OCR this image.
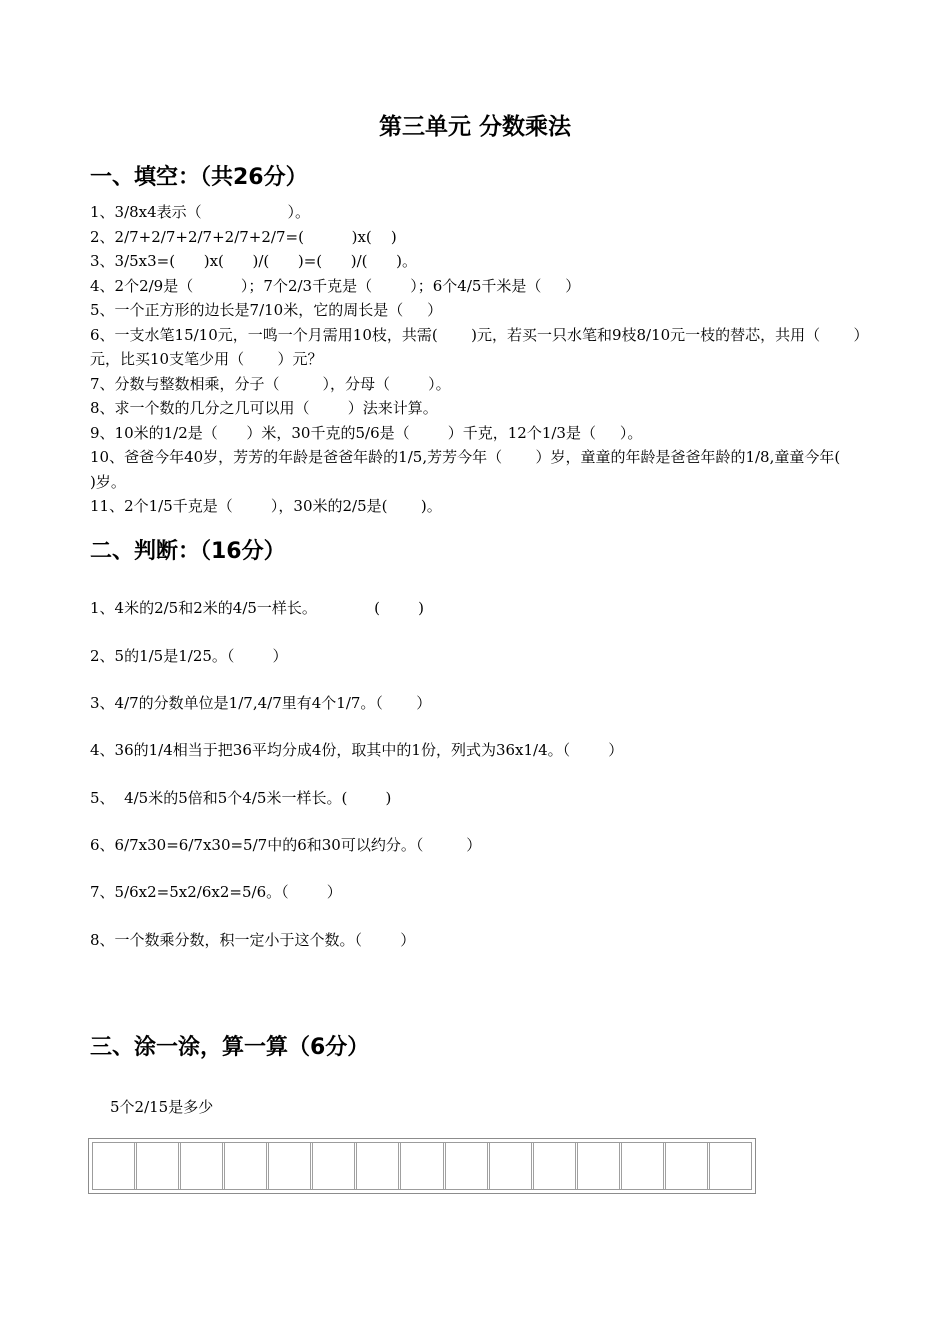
第三单元 分数乘法
一、填空：（共26分）
1、3/8x4表示（                  ）。
2、2/7+2/7+2/7+2/7+2/7=(          )x(    )
3、3/5x3=(      )x(      )/(      )=(      )/(      )。
4、2个2/9是（          ）；7个2/3千克是（        ）；6个4/5千米是（     ）
5、一个正方形的边长是7/10米，它的周长是（     ）
6、一支水笔15/10元，一鸣一个月需用10枝，共需(       )元，若买一只水笔和9枝8/10元一枝的替芯，共用（       ）元，比买10支笔少用（       ）元？
7、分数与整数相乘，分子（         ），分母（        ）。
8、求一个数的几分之几可以用（        ）法来计算。
9、10米的1/2是（      ）米，30千克的5/6是（        ）千克，12个1/3是（     ）。
10、爸爸今年40岁，芳芳的年龄是爸爸年龄的1/5,芳芳今年（       ）岁，童童的年龄是爸爸年龄的1/8,童童今年(       )岁。
11、2个1/5千克是（        ），30米的2/5是(       )。
二、判断：（16分）
1、4米的2/5和2米的4/5一样长。            (        )
2、5的1/5是1/25。（        ）
3、4/7的分数单位是1/7,4/7里有4个1/7。（       ）
4、36的1/4相当于把36平均分成4份，取其中的1份，列式为36x1/4。（        ）
5、  4/5米的5倍和5个4/5米一样长。(        )
6、6/7x30=6/7x30=5/7中的6和30可以约分。（         ）
7、5/6x2=5x2/6x2=5/6。（        ）
8、一个数乘分数，积一定小于这个数。（        ）
三、涂一涂，算一算（6分）
5个2/15是多少
